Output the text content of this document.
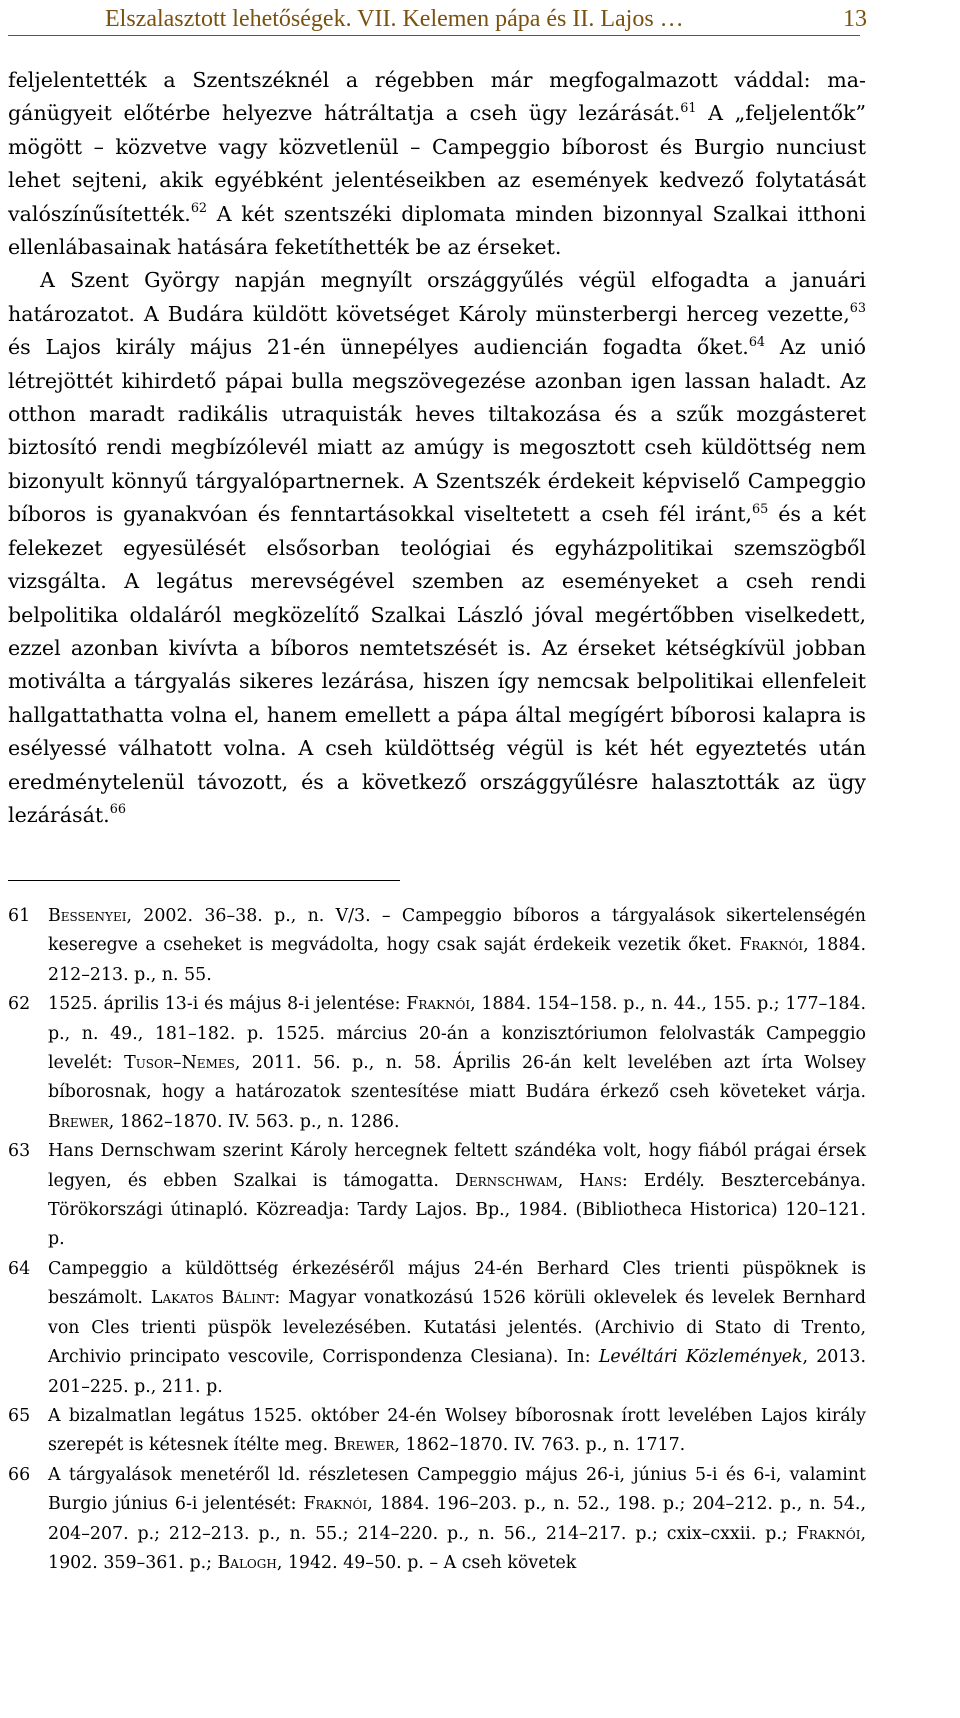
Elszalasztott lehetőségek. VII. Kelemen pápa és II. Lajos …	13

feljelentették a Szentszéknél a régebben már megfogalmazott váddal: magánügyeit előtérbe helyezve hátráltatja a cseh ügy lezárását.$^{61}$ A „feljelentők” mögött – közvetve vagy közvetlenül – Campeggio bíborost és Burgio nunciust lehet sejteni, akik egyébként jelentéseikben az események kedvező folytatását valószínűsítették.$^{62}$ A két szentszéki diplomata minden bizonnyal Szalkai itthoni ellenlábasainak hatására feketíthették be az érseket.

A Szent György napján megnyílt országgyűlés végül elfogadta a januári határozatot. A Budára küldött követséget Károly münsterbergi herceg vezette,$^{63}$ és Lajos király május 21-én ünnepélyes audiencián fogadta őket.$^{64}$ Az unió létrejöttét kihirdető pápai bulla megszövegezése azonban igen lassan haladt. Az otthon maradt radikális utraquisták heves tiltakozása és a szűk mozgásteret biztosító rendi megbízólevél miatt az amúgy is megosztott cseh küldöttség nem bizonyult könnyű tárgyalópartnernek. A Szentszék érdekeit képviselő Campeggio bíboros is gyanakvóan és fenntartásokkal viseltetett a cseh fél iránt,$^{65}$ és a két felekezet egyesülését elsősorban teológiai és egyházpolitikai szemszögből vizsgálta. A legátus merevségével szemben az eseményeket a cseh rendi belpolitika oldaláról megközelítő Szalkai László jóval megértőbben viselkedett, ezzel azonban kivívta a bíboros nemtetszését is. Az érseket kétségkívül jobban motiválta a tárgyalás sikeres lezárása, hiszen így nemcsak belpolitikai ellenfeleit hallgattathatta volna el, hanem emellett a pápa által megígért bíborosi kalapra is esélyessé válhatott volna. A cseh küldöttség végül is két hét egyeztetés után eredménytelenül távozott, és a következő országgyűlésre halasztották az ügy lezárását.$^{66}$

61 Bessenyei, 2002. 36–38. p., n. V/3. – Campeggio bíboros a tárgyalások sikertelenségén keseregve a cseheket is megvádolta, hogy csak saját érdekeik vezetik őket. Fraknói, 1884. 212–213. p., n. 55.

62 1525. április 13-i és május 8-i jelentése: Fraknói, 1884. 154–158. p., n. 44., 155. p.; 177–184. p., n. 49., 181–182. p. 1525. március 20-án a konzisztóriumon felolvasták Campeggio levelét: Tusor–Nemes, 2011. 56. p., n. 58. Április 26-án kelt levelében azt írta Wolsey bíborosnak, hogy a határozatok szentesítése miatt Budára érkező cseh követeket várja. Brewer, 1862–1870. IV. 563. p., n. 1286.

63 Hans Dernschwam szerint Károly hercegnek feltett szándéka volt, hogy fiából prágai érsek legyen, és ebben Szalkai is támogatta. Dernschwam, Hans: Erdély. Besztercebánya. Törökországi útinapló. Közreadja: Tardy Lajos. Bp., 1984. (Bibliotheca Historica) 120–121. p.

64 Campeggio a küldöttség érkezéséről május 24-én Berhard Cles trienti püspöknek is beszámolt. Lakatos Bálint: Magyar vonatkozású 1526 körüli oklevelek és levelek Bernhard von Cles trienti püspök levelezésében. Kutatási jelentés. (Archivio di Stato di Trento, Archivio principato vescovile, Corrispondenza Clesiana). In: Levéltári Közlemények, 2013. 201–225. p., 211. p.

65 A bizalmatlan legátus 1525. október 24-én Wolsey bíborosnak írott levelében Lajos király szerepét is kétesnek ítélte meg. Brewer, 1862–1870. IV. 763. p., n. 1717.

66 A tárgyalások menetéről ld. részletesen Campeggio május 26-i, június 5-i és 6-i, valamint Burgio június 6-i jelentését: Fraknói, 1884. 196–203. p., n. 52., 198. p.; 204–212. p., n. 54., 204–207. p.; 212–213. p., n. 55.; 214–220. p., n. 56., 214–217. p.; cxix–cxxii. p.; Fraknói, 1902. 359–361. p.; Balogh, 1942. 49–50. p. – A cseh követek
